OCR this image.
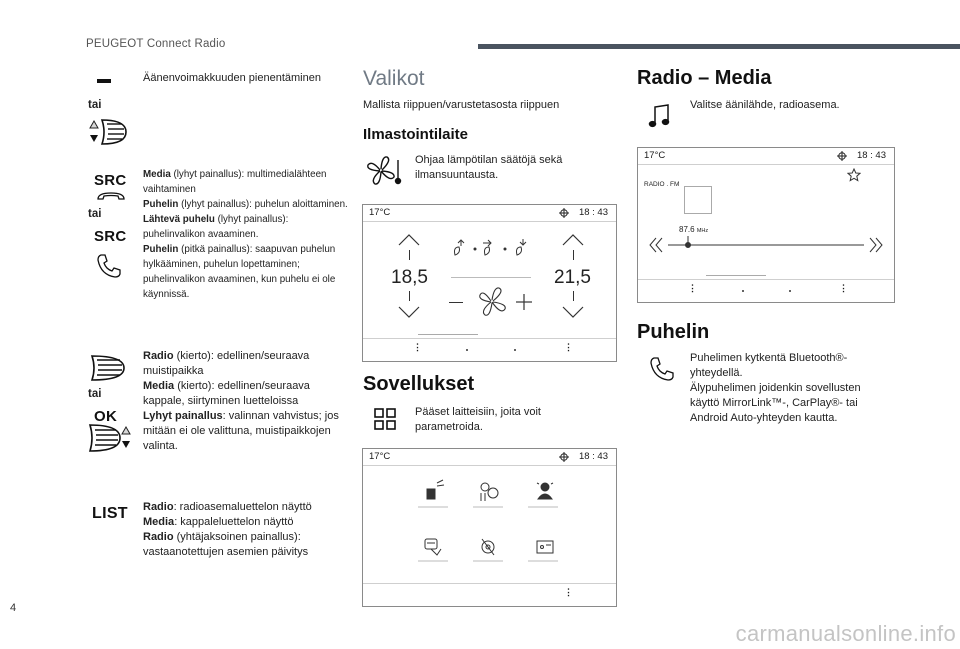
PEUGEOT Connect Radio
Äänenvoimakkuuden pienentäminen
tai
SRC
tai
SRC
Media (lyhyt painallus): multimedialähteen vaihtaminen
Puhelin (lyhyt painallus): puhelun aloittaminen.
Lähtevä puhelu (lyhyt painallus): puhelinvalikon avaaminen.
Puhelin (pitkä painallus): saapuvan puhelun hylkääminen, puhelun lopettaminen; puhelinvalikon avaaminen, kun puhelu ei ole käynnissä.
tai
OK
Radio (kierto): edellinen/seuraava muistipaikka
Media (kierto): edellinen/seuraava kappale, siirtyminen luetteloissa
Lyhyt painallus: valinnan vahvistus; jos mitään ei ole valittuna, muistipaikkojen valinta.
LIST Radio: radioasemaluettelon näyttö
Media: kappaleluettelon näyttö
Radio (yhtäjaksoinen painallus): vastaanotettujen asemien päivitys
Valikot
Mallista riippuen/varustetasosta riippuen
Ilmastointilaite
Ohjaa lämpötilan säätöjä sekä ilmansuuntausta.
17°C	18 : 43
18,5	21,5
⋮	⋮
Sovellukset
Pääset laitteisiin, joita voit parametroida.
17°C	18 : 43
⋮
Radio – Media
Valitse äänilähde, radioasema.
17°C	18 : 43
RADIO . FM
87.6 MHz
⋮	⋮
Puhelin
Puhelimen kytkentä Bluetooth®-yhteydellä.
Älypuhelimen joidenkin sovellusten käyttö MirrorLink™-, CarPlay®- tai Android Auto-yhteyden kautta.
4
carmanualsonline.info
